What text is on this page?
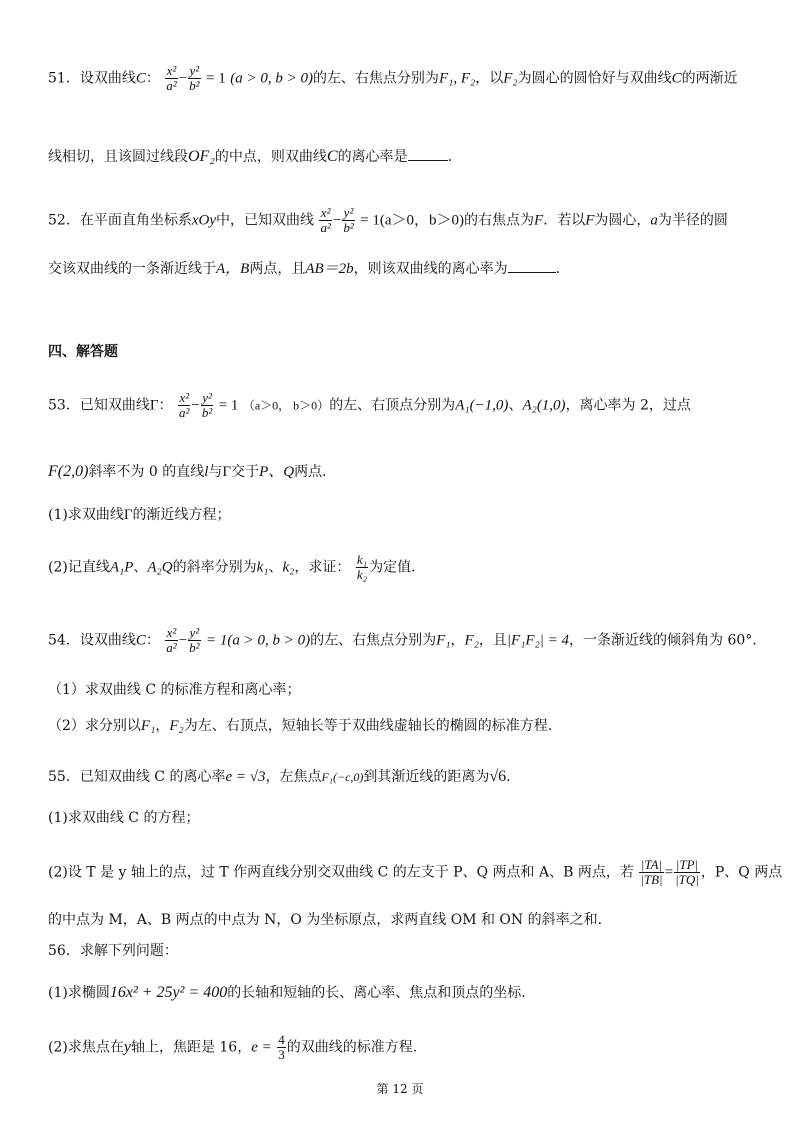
51．设双曲线C： $\frac{\text{x²}}{\text{a²}} - \frac{\text{y²}}{\text{b²}} = 1$ (a > 0, b > 0)的左、右焦点分别为F₁, F₂，以F₂为圆心的圆恰好与双曲线C的两渐近
线相切，且该圆过线段OF₂的中点，则双曲线C的离心率是	.
52．在平面直角坐标系xOy中，已知双曲线 $\frac{\text{x²}}{\text{a²}} - \frac{\text{y²}}{\text{b²}} = 1(a>0$，b＞0)的右焦点为F．若以F为圆心，a为半径的圆
交该双曲线的一条渐近线于A，B两点，且AB＝2b，则该双曲线的离心率为	．
四、解答题
53．已知双曲线Γ： $\frac{\text{x²}}{\text{a²}} - \frac{\text{y²}}{\text{b²}} = 1$ （a＞0， b＞0）的左、右顶点分别为A₁(−1,0)、A₂(1,0)，离心率为 2，过点
F(2,0)斜率不为 0 的直线l与Γ交于P、Q两点．
(1)求双曲线Γ的渐近线方程；
(2)记直线A₁P、A₂Q的斜率分别为k₁、k₂，求证： $\frac{\text{k₁}}{\text{k₂}}$ 为定值．
54．设双曲线C： $\frac{\text{x²}}{\text{a²}} - \frac{\text{y²}}{\text{b²}} = 1(a > 0$, b > 0)的左、右焦点分别为F₁，F₂，且|F₁F₂| = 4，一条渐近线的倾斜角为 60°.
（1）求双曲线 C 的标准方程和离心率；
（2）求分别以F₁，F₂为左、右顶点，短轴长等于双曲线虚轴长的椭圆的标准方程.
55．已知双曲线 C 的离心率e = √3，左焦点F₁(−c,0)到其渐近线的距离为√6.
(1)求双曲线 C 的方程；
(2)设 T 是 y 轴上的点，过 T 作两直线分别交双曲线 C 的左支于 P、Q 两点和 A、B 两点，若 $\frac{|TA|}{|TB|} = \frac{|TP|}{|TQ|}$ ，P、Q 两点
的中点为 M，A、B 两点的中点为 N，O 为坐标原点，求两直线 OM 和 ON 的斜率之和.
56．求解下列问题：
(1)求椭圆16x² + 25y² = 400的长轴和短轴的长、离心率、焦点和顶点的坐标.
(2)求焦点在y轴上，焦距是 16，$e = \frac{4}{3}$ 的双曲线的标准方程.
第 12 页
